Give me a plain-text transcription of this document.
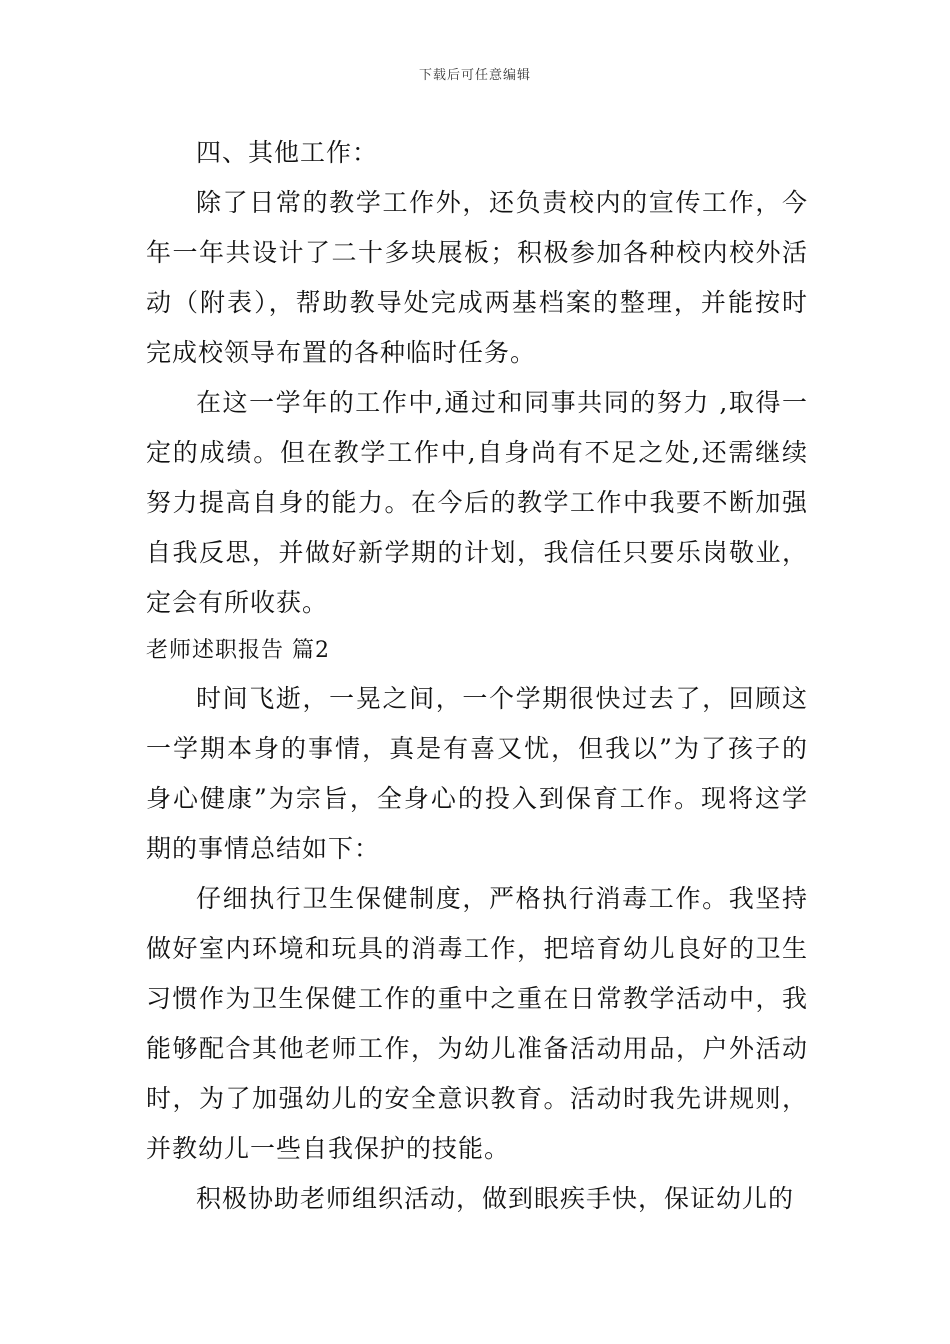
下载后可任意编辑

四、其他工作：

除了日常的教学工作外，还负责校内的宣传工作，今年一年共设计了二十多块展板；积极参加各种校内校外活动（附表），帮助教导处完成两基档案的整理，并能按时完成校领导布置的各种临时任务。

在这一学年的工作中,通过和同事共同的努力 ,取得一定的成绩。但在教学工作中,自身尚有不足之处,还需继续努力提高自身的能力。在今后的教学工作中我要不断加强自我反思，并做好新学期的计划，我信任只要乐岗敬业，定会有所收获。

老师述职报告 篇2

时间飞逝，一晃之间，一个学期很快过去了，回顾这一学期本身的事情，真是有喜又忧，但我以”为了孩子的身心健康”为宗旨，全身心的投入到保育工作。现将这学期的事情总结如下：

仔细执行卫生保健制度，严格执行消毒工作。我坚持做好室内环境和玩具的消毒工作，把培育幼儿良好的卫生习惯作为卫生保健工作的重中之重在日常教学活动中，我能够配合其他老师工作，为幼儿准备活动用品，户外活动时，为了加强幼儿的安全意识教育。活动时我先讲规则，并教幼儿一些自我保护的技能。

积极协助老师组织活动，做到眼疾手快，保证幼儿的
